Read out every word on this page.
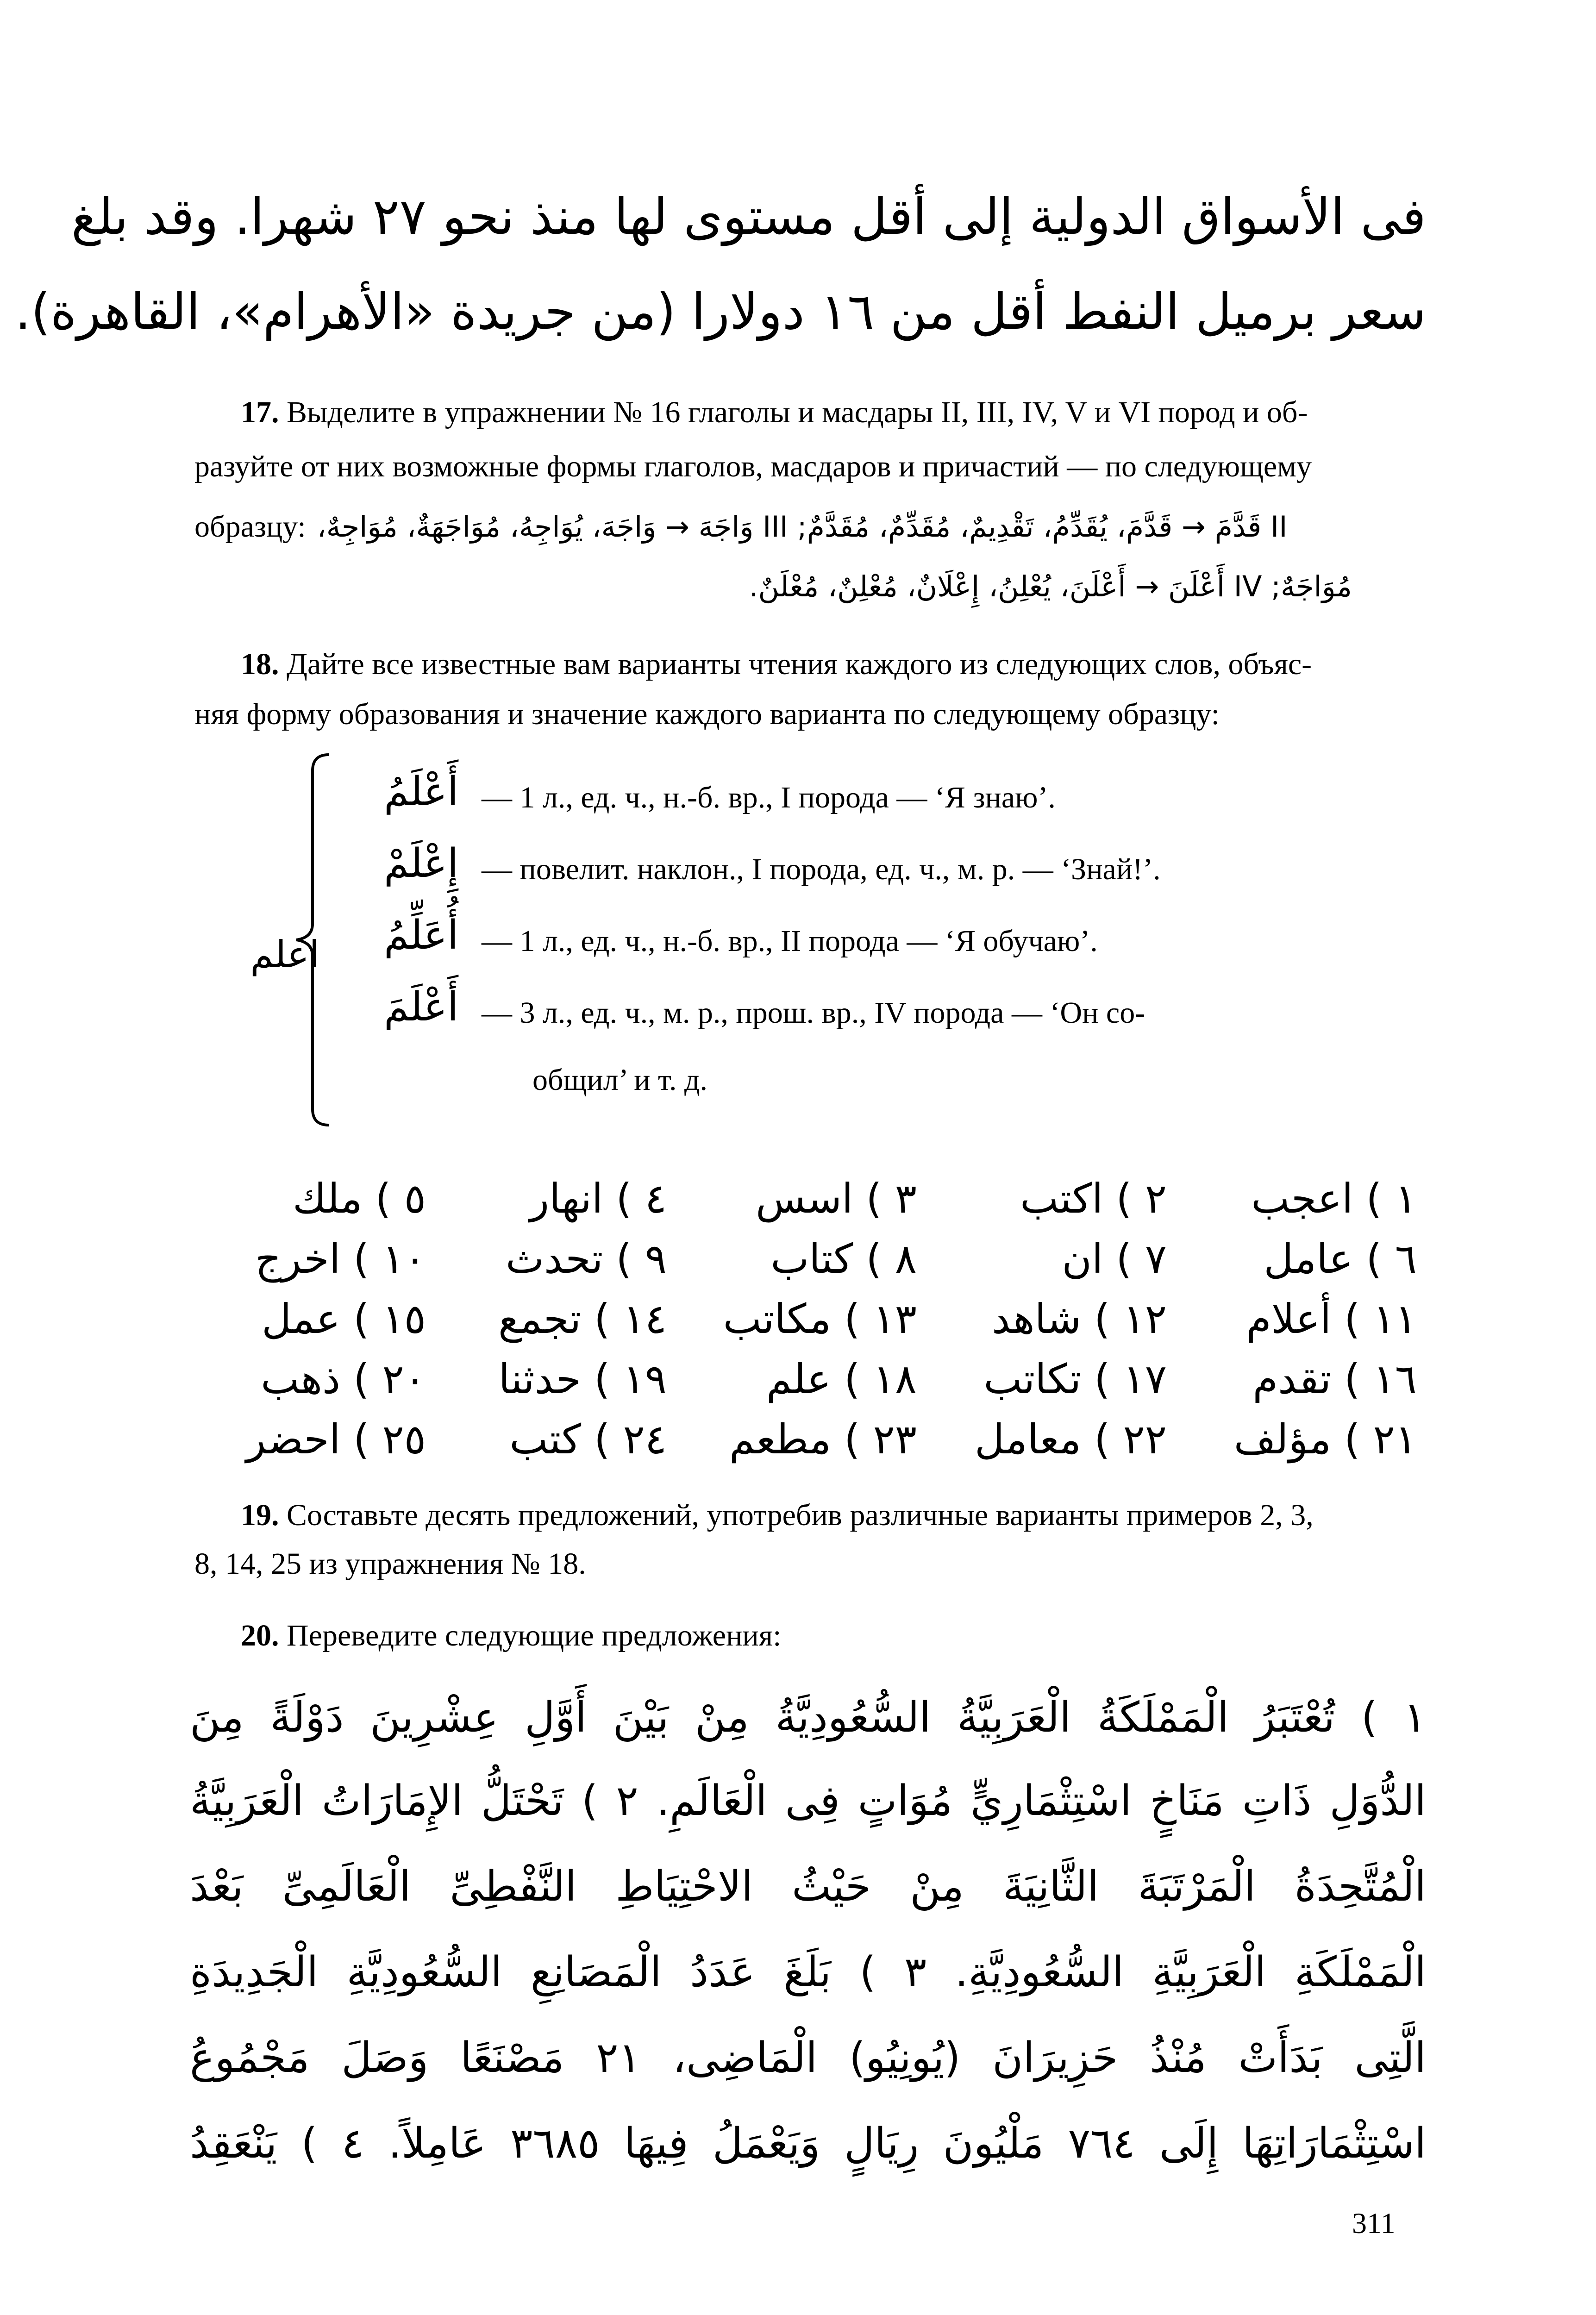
فى الأسواق الدولية إلى أقل مستوى لها منذ نحو ٢٧ شهرا. وقد بلغ
سعر برميل النفط أقل من ١٦ دولارا (من جريدة «الأهرام»، القاهرة).
17. Выделите в упражнении № 16 глаголы и масдары II, III, IV, V и VI пород и об-
разуйте от них возможные формы глаголов, масдаров и причастий — по следующему
образцу: II قَدَّمَ → قَدَّمَ، يُقَدِّمُ، تَقْدِيمٌ، مُقَدِّمٌ، مُقَدَّمٌ; III وَاجَهَ → وَاجَهَ، يُوَاجِهُ، مُوَاجَهَةٌ، مُوَاجِهٌ،
مُوَاجَهٌ; IV أَعْلَنَ → أَعْلَنَ، يُعْلِنُ، إِعْلَانٌ، مُعْلِنٌ، مُعْلَنٌ.
18. Дайте все известные вам варианты чтения каждого из следующих слов, объяс-
няя форму образования и значение каждого варианта по следующему образцу:
اعلم
أَعْلَمُ — 1 л., ед. ч., н.-б. вр., I порода — ‘Я знаю’.
إِعْلَمْ — повелит. наклон., I порода, ед. ч., м. р. — ‘Знай!’.
أُعَلِّمُ — 1 л., ед. ч., н.-б. вр., II порода — ‘Я обучаю’.
أَعْلَمَ — 3 л., ед. ч., м. р., прош. вр., IV порода — ‘Он со-
общил’ и т. д.
١ ) اعجب
٢ ) اكتب
٣ ) اسس
٤ ) انهار
٥ ) ملك
٦ ) عامل
٧ ) ان
٨ ) كتاب
٩ ) تحدث
١٠ ) اخرج
١١ ) أعلام
١٢ ) شاهد
١٣ ) مكاتب
١٤ ) تجمع
١٥ ) عمل
١٦ ) تقدم
١٧ ) تكاتب
١٨ ) علم
١٩ ) حدثنا
٢٠ ) ذهب
٢١ ) مؤلف
٢٢ ) معامل
٢٣ ) مطعم
٢٤ ) كتب
٢٥ ) احضر
19. Составьте десять предложений, употребив различные варианты примеров 2, 3,
8, 14, 25 из упражнения № 18.
20. Переведите следующие предложения:
١ ) تُعْتَبَرُ الْمَمْلَكَةُ الْعَرَبِيَّةُ السُّعُودِيَّةُ مِنْ بَيْنَ أَوَّلِ عِشْرِينَ دَوْلَةً مِنَ
الدُّوَلِ ذَاتِ مَنَاخٍ اسْتِثْمَارِيٍّ مُوَاتٍ فِى الْعَالَمِ. ٢ ) تَحْتَلُّ الإِمَارَاتُ الْعَرَبِيَّةُ
الْمُتَّحِدَةُ الْمَرْتَبَةَ الثَّانِيَةَ مِنْ حَيْثُ الاحْتِيَاطِ النَّفْطِىِّ الْعَالَمِىِّ بَعْدَ
الْمَمْلَكَةِ الْعَرَبِيَّةِ السُّعُودِيَّةِ. ٣ ) بَلَغَ عَدَدُ الْمَصَانِعِ السُّعُودِيَّةِ الْجَدِيدَةِ
الَّتِى بَدَأَتْ مُنْذُ حَزِيرَانَ (يُونِيُو) الْمَاضِى، ٢١ مَصْنَعًا وَصَلَ مَجْمُوعُ
اسْتِثْمَارَاتِهَا إِلَى ٧٦٤ مَلْيُونَ رِيَالٍ وَيَعْمَلُ فِيهَا ٣٦٨٥ عَامِلاً. ٤ ) يَنْعَقِدُ
311
